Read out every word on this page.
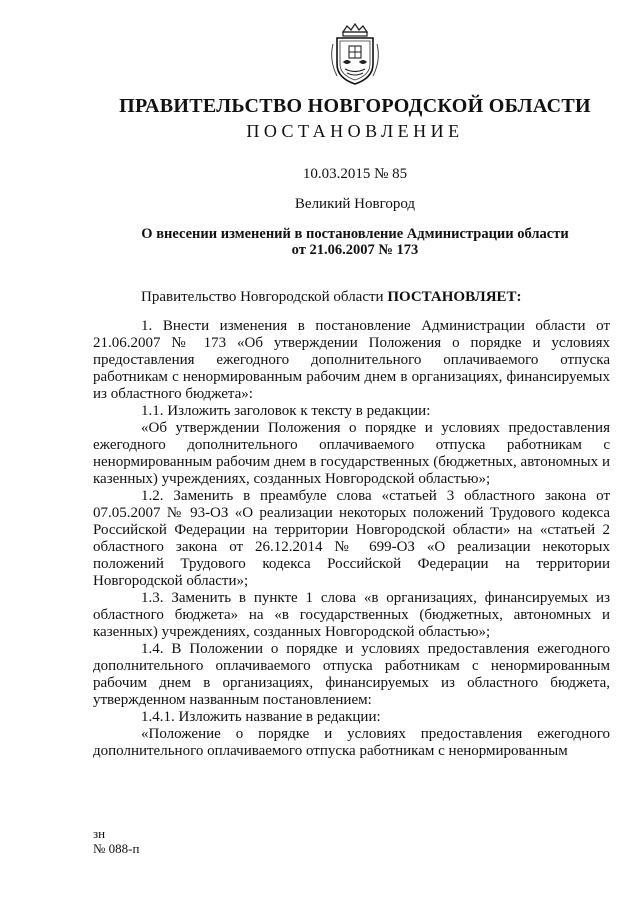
ПРАВИТЕЛЬСТВО НОВГОРОДСКОЙ ОБЛАСТИ
ПОСТАНОВЛЕНИЕ
10.03.2015 № 85
Великий Новгород
О внесении изменений в постановление Администрации области от 21.06.2007 № 173

Правительство Новгородской области ПОСТАНОВЛЯЕТ:

1. Внести изменения в постановление Администрации области от 21.06.2007 № 173 «Об утверждении Положения о порядке и условиях предоставления ежегодного дополнительного оплачиваемого отпуска работникам с ненормированным рабочим днем в организациях, финансируемых из областного бюджета»:

1.1. Изложить заголовок к тексту в редакции:

«Об утверждении Положения о порядке и условиях предоставления ежегодного дополнительного оплачиваемого отпуска работникам с ненормированным рабочим днем в государственных (бюджетных, автономных и казенных) учреждениях, созданных Новгородской областью»;

1.2. Заменить в преамбуле слова «статьей 3 областного закона от 07.05.2007 № 93-ОЗ «О реализации некоторых положений Трудового кодекса Российской Федерации на территории Новгородской области» на «статьей 2 областного закона от 26.12.2014 № 699-ОЗ «О реализации некоторых положений Трудового кодекса Российской Федерации на территории Новгородской области»;

1.3. Заменить в пункте 1 слова «в организациях, финансируемых из областного бюджета» на «в государственных (бюджетных, автономных и казенных) учреждениях, созданных Новгородской областью»;

1.4. В Положении о порядке и условиях предоставления ежегодного дополнительного оплачиваемого отпуска работникам с ненормированным рабочим днем в организациях, финансируемых из областного бюджета, утвержденном названным постановлением:

1.4.1. Изложить название в редакции:

«Положение о порядке и условиях предоставления ежегодного дополнительного оплачиваемого отпуска работникам с ненормированным

зн
№ 088-п
